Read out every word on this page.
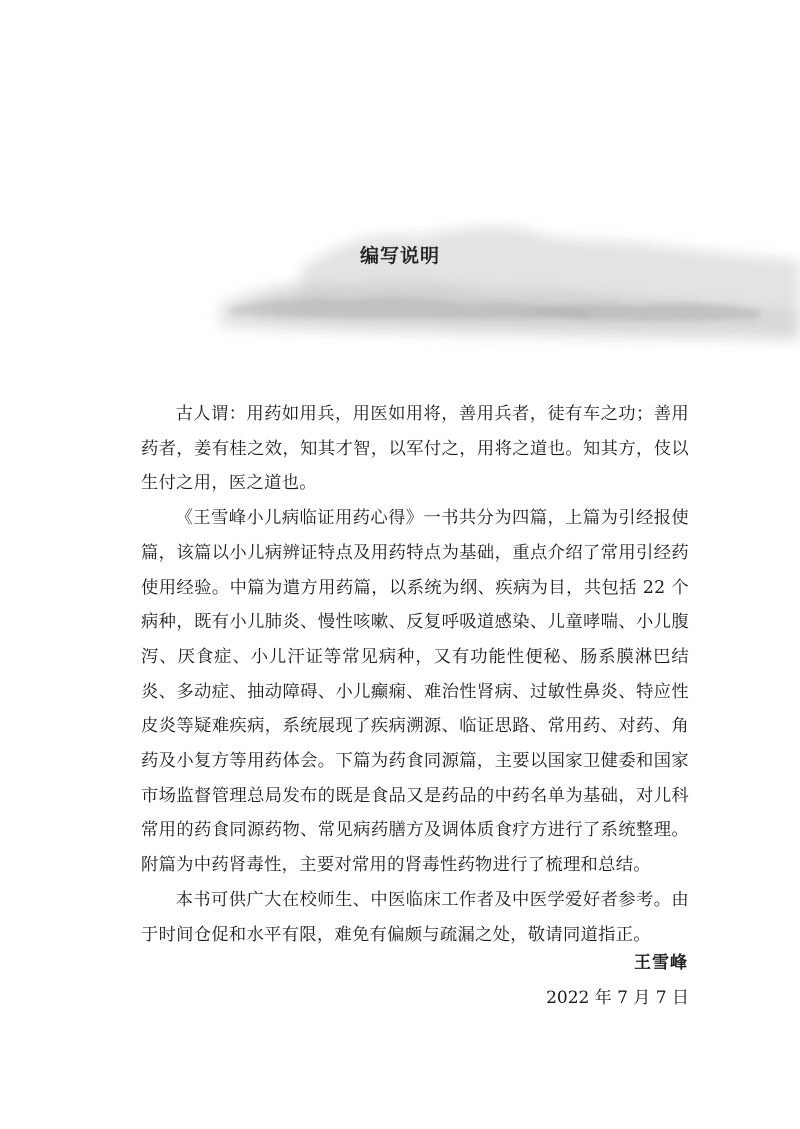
编写说明

古人谓：用药如用兵，用医如用将，善用兵者，徒有车之功；善用药者，姜有桂之效，知其才智，以军付之，用将之道也。知其方，伎以生付之用，医之道也。

《王雪峰小儿病临证用药心得》一书共分为四篇，上篇为引经报使篇，该篇以小儿病辨证特点及用药特点为基础，重点介绍了常用引经药使用经验。中篇为遣方用药篇，以系统为纲、疾病为目，共包括 22 个病种，既有小儿肺炎、慢性咳嗽、反复呼吸道感染、儿童哮喘、小儿腹泻、厌食症、小儿汗证等常见病种，又有功能性便秘、肠系膜淋巴结炎、多动症、抽动障碍、小儿癫痫、难治性肾病、过敏性鼻炎、特应性皮炎等疑难疾病，系统展现了疾病溯源、临证思路、常用药、对药、角药及小复方等用药体会。下篇为药食同源篇，主要以国家卫健委和国家市场监督管理总局发布的既是食品又是药品的中药名单为基础，对儿科常用的药食同源药物、常见病药膳方及调体质食疗方进行了系统整理。附篇为中药肾毒性，主要对常用的肾毒性药物进行了梳理和总结。

本书可供广大在校师生、中医临床工作者及中医学爱好者参考。由于时间仓促和水平有限，难免有偏颇与疏漏之处，敬请同道指正。

王雪峰
2022 年 7 月 7 日
